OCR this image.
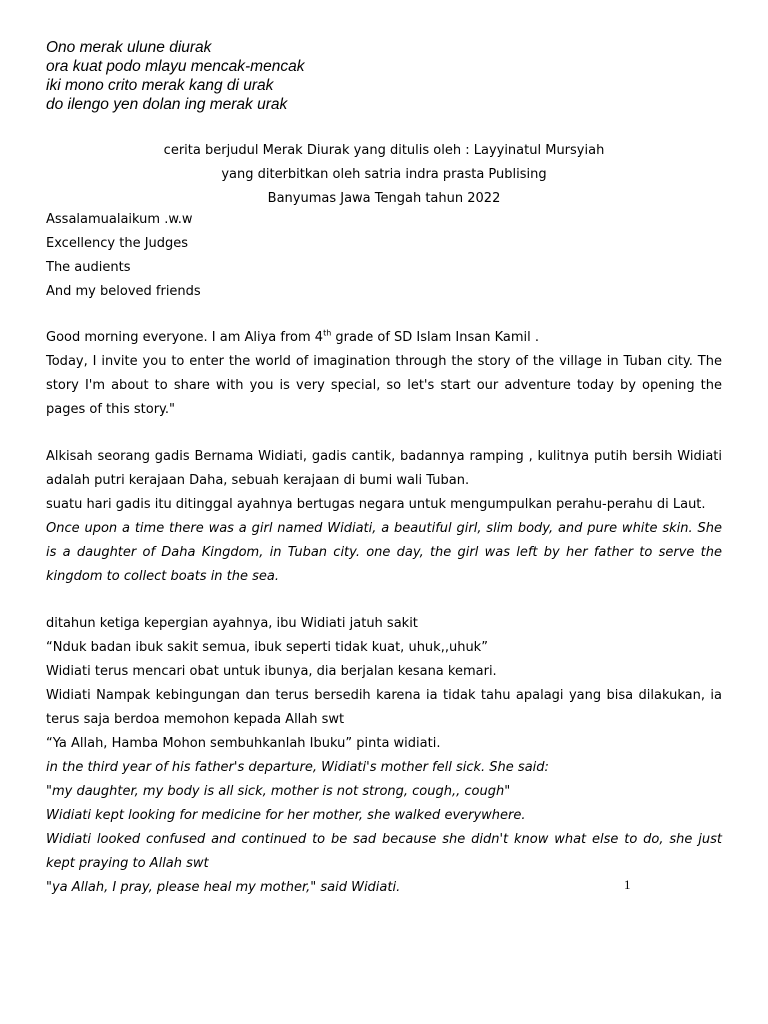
Ono merak ulune diurak
ora kuat podo mlayu mencak-mencak
iki mono crito merak kang di urak
do ilengo yen dolan ing merak urak
cerita berjudul Merak Diurak yang ditulis oleh : Layyinatul Mursyiah
yang diterbitkan oleh satria indra prasta Publising
Banyumas Jawa Tengah tahun 2022

Assalamualaikum .w.w

Excellency the Judges

The audients

And my beloved friends

Good morning everyone. I am Aliya from 4th grade of SD Islam Insan Kamil .

Today, I invite you to enter the world of imagination through the story of the village in Tuban city. The story I'm about to share with you is very special, so let's start our adventure today by opening the pages of this story."

Alkisah seorang gadis Bernama Widiati, gadis cantik, badannya ramping , kulitnya putih bersih Widiati adalah putri kerajaan Daha, sebuah kerajaan di bumi wali Tuban.

suatu hari gadis itu ditinggal ayahnya bertugas negara untuk mengumpulkan perahu-perahu di Laut.

Once upon a time there was a girl named Widiati, a beautiful girl, slim body, and pure white skin. She is a daughter of Daha Kingdom, in Tuban city. one day, the girl was left by her father to serve the kingdom to collect boats in the sea.

ditahun ketiga kepergian ayahnya, ibu Widiati jatuh sakit

“Nduk badan ibuk sakit semua, ibuk seperti tidak kuat, uhuk,,uhuk”

Widiati terus mencari obat untuk ibunya, dia berjalan kesana kemari.

Widiati Nampak kebingungan dan terus bersedih karena ia tidak tahu apalagi yang bisa dilakukan, ia terus saja berdoa memohon kepada Allah swt

“Ya Allah, Hamba Mohon sembuhkanlah Ibuku” pinta widiati.

in the third year of his father's departure, Widiati's mother fell sick. She said:

"my daughter, my body is all sick, mother is not strong, cough,, cough"

Widiati kept looking for medicine for her mother, she walked everywhere.

Widiati looked confused and continued to be sad because she didn't know what else to do, she just kept praying to Allah swt

"ya Allah, I pray, please heal my mother," said Widiati.	1
